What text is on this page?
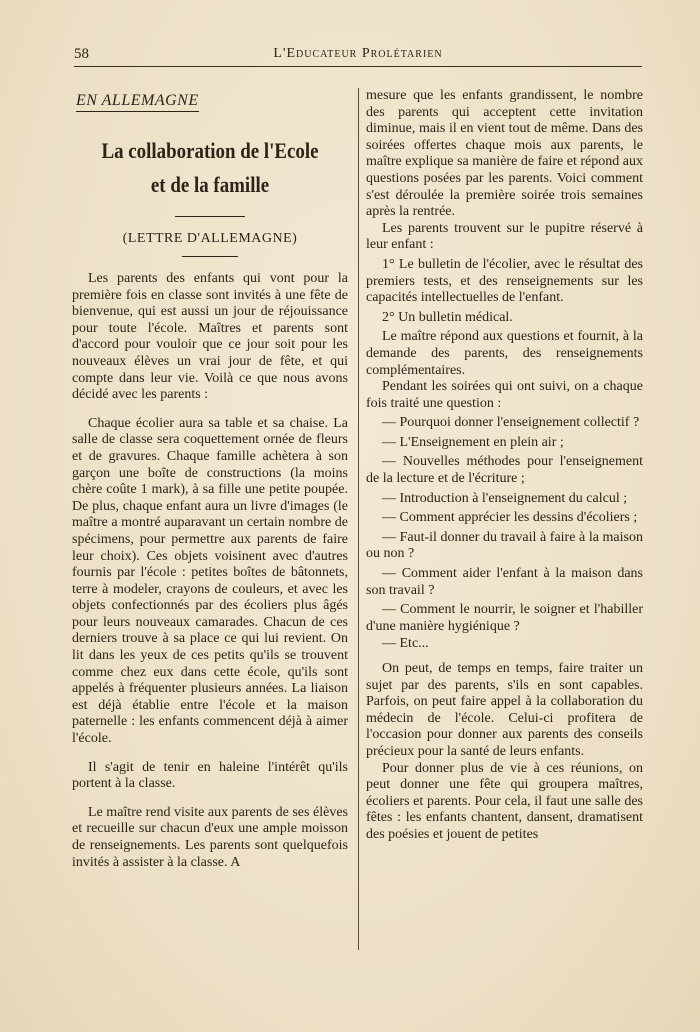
58	L'Educateur Prolétarien
EN ALLEMAGNE
La collaboration de l'Ecole
et de la famille
(LETTRE D'ALLEMAGNE)

Les parents des enfants qui vont pour la première fois en classe sont invités à une fête de bienvenue, qui est aussi un jour de réjouissance pour toute l'école. Maîtres et parents sont d'accord pour vouloir que ce jour soit pour les nouveaux élèves un vrai jour de fête, et qui compte dans leur vie. Voilà ce que nous avons décidé avec les parents :

Chaque écolier aura sa table et sa chaise. La salle de classe sera coquettement ornée de fleurs et de gravures. Chaque famille achètera à son garçon une boîte de constructions (la moins chère coûte 1 mark), à sa fille une petite poupée. De plus, chaque enfant aura un livre d'images (le maître a montré auparavant un certain nombre de spécimens, pour permettre aux parents de faire leur choix). Ces objets voisinent avec d'autres fournis par l'école : petites boîtes de bâtonnets, terre à modeler, crayons de couleurs, et avec les objets confectionnés par des écoliers plus âgés pour leurs nouveaux camarades. Chacun de ces derniers trouve à sa place ce qui lui revient. On lit dans les yeux de ces petits qu'ils se trouvent comme chez eux dans cette école, qu'ils sont appelés à fréquenter plusieurs années. La liaison est déjà établie entre l'école et la maison paternelle : les enfants commencent déjà à aimer l'école.

Il s'agit de tenir en haleine l'intérêt qu'ils portent à la classe.

Le maître rend visite aux parents de ses élèves et recueille sur chacun d'eux une ample moisson de renseignements. Les parents sont quelquefois invités à assister à la classe. A

mesure que les enfants grandissent, le nombre des parents qui acceptent cette invitation diminue, mais il en vient tout de même. Dans des soirées offertes chaque mois aux parents, le maître explique sa manière de faire et répond aux questions posées par les parents. Voici comment s'est déroulée la première soirée trois semaines après la rentrée.

Les parents trouvent sur le pupitre réservé à leur enfant :

1° Le bulletin de l'écolier, avec le résultat des premiers tests, et des renseignements sur les capacités intellectuelles de l'enfant.

2° Un bulletin médical.

Le maître répond aux questions et fournit, à la demande des parents, des renseignements complémentaires.

Pendant les soirées qui ont suivi, on a chaque fois traité une question :

— Pourquoi donner l'enseignement collectif ?

— L'Enseignement en plein air ;

— Nouvelles méthodes pour l'enseignement de la lecture et de l'écriture ;

— Introduction à l'enseignement du calcul ;

— Comment apprécier les dessins d'écoliers ;

— Faut-il donner du travail à faire à la maison ou non ?

— Comment aider l'enfant à la maison dans son travail ?

— Comment le nourrir, le soigner et l'habiller d'une manière hygiénique ?

— Etc...

On peut, de temps en temps, faire traiter un sujet par des parents, s'ils en sont capables. Parfois, on peut faire appel à la collaboration du médecin de l'école. Celui-ci profitera de l'occasion pour donner aux parents des conseils précieux pour la santé de leurs enfants.

Pour donner plus de vie à ces réunions, on peut donner une fête qui groupera maîtres, écoliers et parents. Pour cela, il faut une salle des fêtes : les enfants chantent, dansent, dramatisent des poésies et jouent de petites
